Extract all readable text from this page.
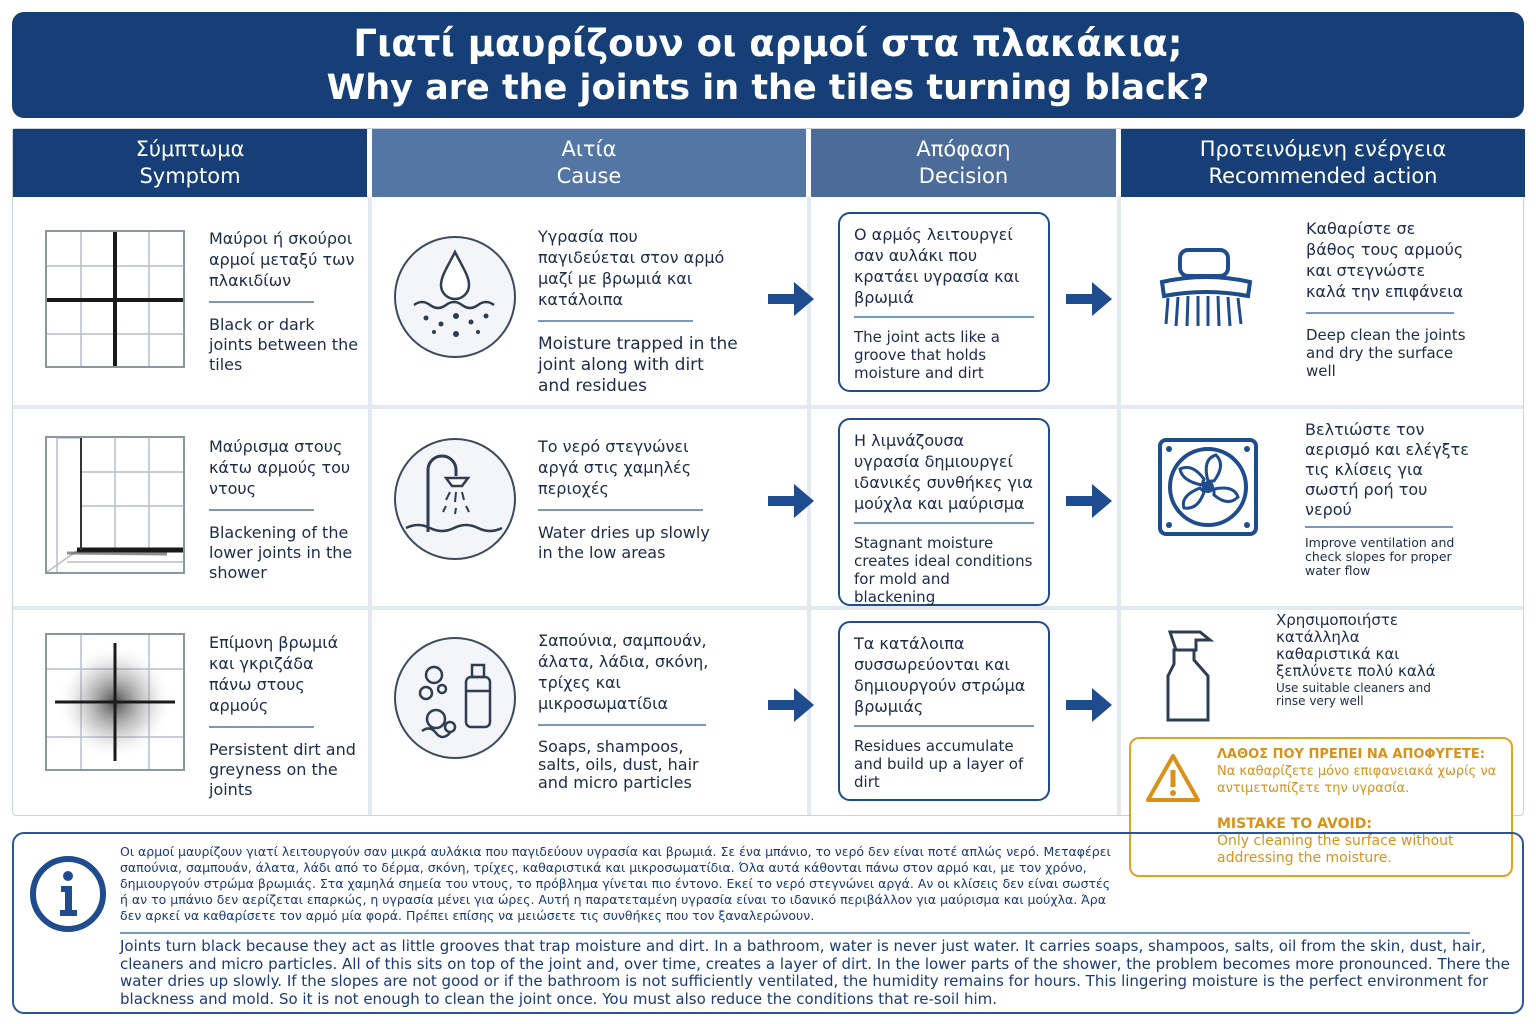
Γιατί μαυρίζουν οι αρμοί στα πλακάκια;
Why are the joints in the tiles turning black?
Σύμπτωμα
Symptom
Αιτία
Cause
Απόφαση
Decision
Προτεινόμενη ενέργεια
Recommended action
Μαύροι ή σκούροι αρμοί μεταξύ των πλακιδίων
Black or dark joints between the tiles
Υγρασία που παγιδεύεται στον αρμό μαζί με βρωμιά και κατάλοιπα
Moisture trapped in the joint along with dirt and residues
Ο αρμός λειτουργεί σαν αυλάκι που κρατάει υγρασία και βρωμιά
The joint acts like a groove that holds moisture and dirt
Καθαρίστε σε βάθος τους αρμούς και στεγνώστε καλά την επιφάνεια
Deep clean the joints and dry the surface well
Μαύρισμα στους κάτω αρμούς του ντους
Blackening of the lower joints in the shower
Το νερό στεγνώνει αργά στις χαμηλές περιοχές
Water dries up slowly in the low areas
Η λιμνάζουσα υγρασία δημιουργεί ιδανικές συνθήκες για μούχλα και μαύρισμα
Stagnant moisture creates ideal conditions for mold and blackening
Βελτιώστε τον αερισμό και ελέγξτε τις κλίσεις για σωστή ροή του νερού
Improve ventilation and check slopes for proper water flow
Επίμονη βρωμιά και γκριζάδα πάνω στους αρμούς
Persistent dirt and greyness on the joints
Σαπούνια, σαμπουάν, άλατα, λάδια, σκόνη, τρίχες και μικροσωματίδια
Soaps, shampoos, salts, oils, dust, hair and micro particles
Τα κατάλοιπα συσσωρεύονται και δημιουργούν στρώμα βρωμιάς
Residues accumulate and build up a layer of dirt
Χρησιμοποιήστε κατάλληλα καθαριστικά και ξεπλύνετε πολύ καλά
Use suitable cleaners and rinse very well
ΛΑΘΟΣ ΠΟΥ ΠΡΕΠΕΙ ΝΑ ΑΠΟΦΥΓΕΤΕ:
Να καθαρίζετε μόνο επιφανειακά χωρίς να αντιμετωπίζετε την υγρασία.
MISTAKE TO AVOID:
Only cleaning the surface without addressing the moisture.
Οι αρμοί μαυρίζουν γιατί λειτουργούν σαν μικρά αυλάκια που παγιδεύουν υγρασία και βρωμιά. Σε ένα μπάνιο, το νερό δεν είναι ποτέ απλώς νερό. Μεταφέρει σαπούνια, σαμπουάν, άλατα, λάδι από το δέρμα, σκόνη, τρίχες, καθαριστικά και μικροσωματίδια. Όλα αυτά κάθονται πάνω στον αρμό και, με τον χρόνο, δημιουργούν στρώμα βρωμιάς. Στα χαμηλά σημεία του ντους, το πρόβλημα γίνεται πιο έντονο. Εκεί το νερό στεγνώνει αργά. Αν οι κλίσεις δεν είναι σωστές ή αν το μπάνιο δεν αερίζεται επαρκώς, η υγρασία μένει για ώρες. Αυτή η παρατεταμένη υγρασία είναι το ιδανικό περιβάλλον για μαύρισμα και μούχλα. Άρα δεν αρκεί να καθαρίσετε τον αρμό μία φορά. Πρέπει επίσης να μειώσετε τις συνθήκες που τον ξαναλερώνουν.
Joints turn black because they act as little grooves that trap moisture and dirt. In a bathroom, water is never just water. It carries soaps, shampoos, salts, oil from the skin, dust, hair, cleaners and micro particles. All of this sits on top of the joint and, over time, creates a layer of dirt. In the lower parts of the shower, the problem becomes more pronounced. There the water dries up slowly. If the slopes are not good or if the bathroom is not sufficiently ventilated, the humidity remains for hours. This lingering moisture is the perfect environment for blackness and mold. So it is not enough to clean the joint once. You must also reduce the conditions that re-soil him.
